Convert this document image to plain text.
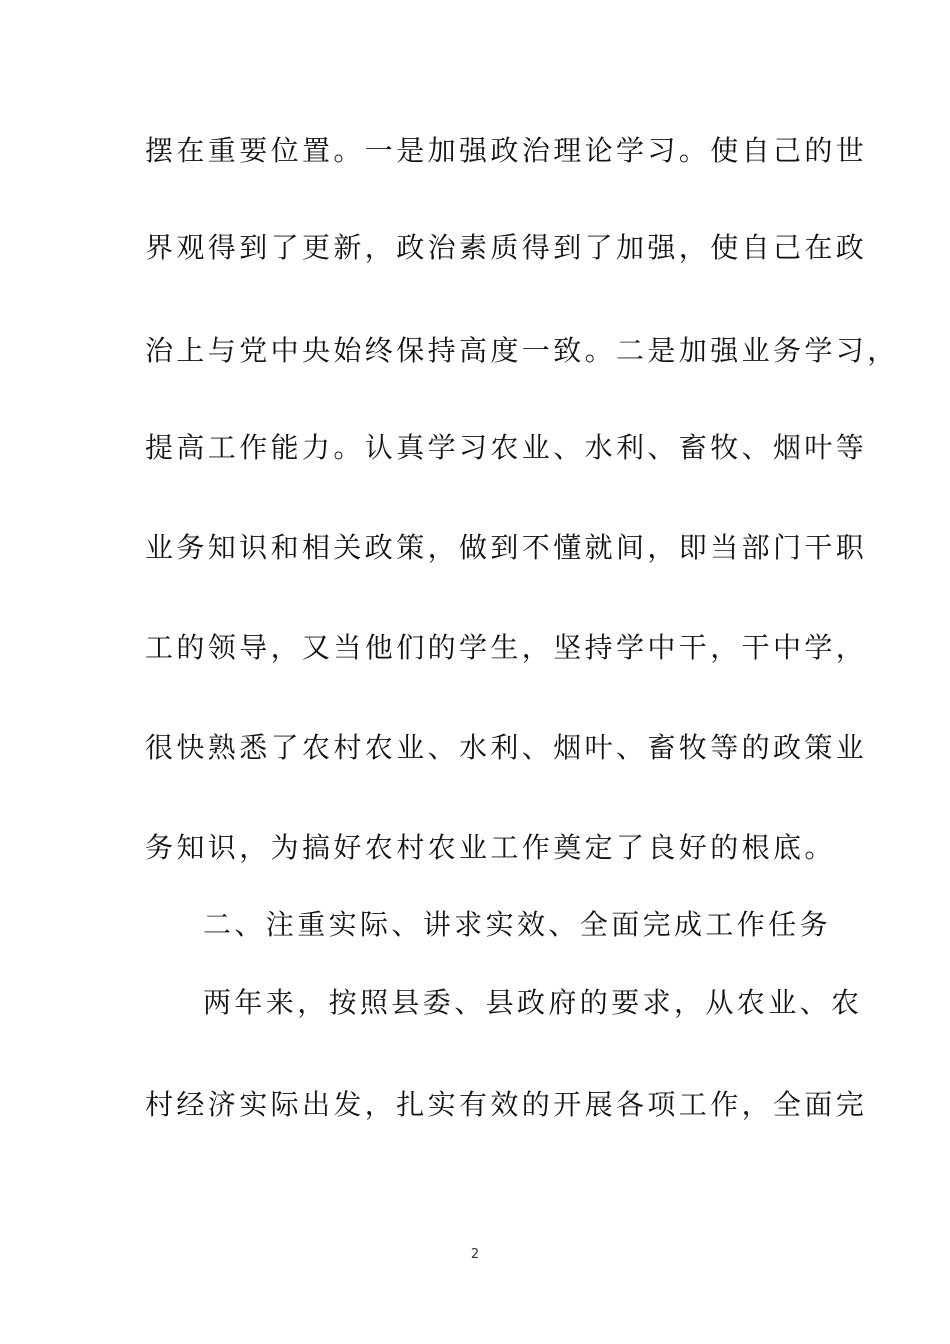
摆在重要位置。一是加强政治理论学习。使自己的世
界观得到了更新，政治素质得到了加强，使自己在政
治上与党中央始终保持高度一致。二是加强业务学习，
提高工作能力。认真学习农业、水利、畜牧、烟叶等
业务知识和相关政策，做到不懂就间，即当部门干职
工的领导，又当他们的学生，坚持学中干，干中学，
很快熟悉了农村农业、水利、烟叶、畜牧等的政策业
务知识，为搞好农村农业工作奠定了良好的根底。
二、注重实际、讲求实效、全面完成工作任务
两年来，按照县委、县政府的要求，从农业、农
村经济实际出发，扎实有效的开展各项工作，全面完
2
